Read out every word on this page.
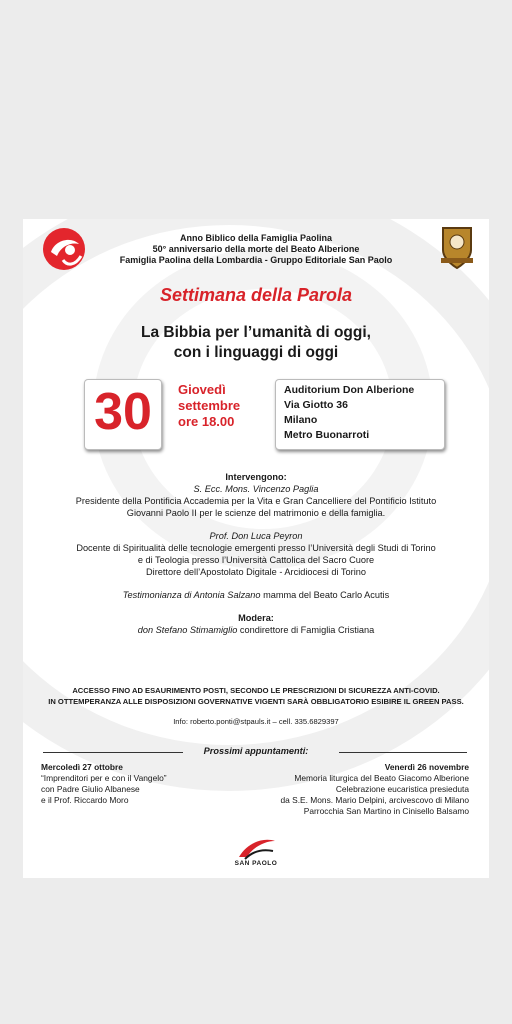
Anno Biblico della Famiglia Paolina
50° anniversario della morte del Beato Alberione
Famiglia Paolina della Lombardia - Gruppo Editoriale San Paolo
Settimana della Parola
La Bibbia per l’umanità di oggi,
con i linguaggi di oggi
30	Giovedì
settembre
ore 18.00
Auditorium Don Alberione
Via Giotto 36
Milano
Metro Buonarroti
Intervengono:
S. Ecc. Mons. Vincenzo Paglia
Presidente della Pontificia Accademia per la Vita e Gran Cancelliere del Pontificio Istituto
Giovanni Paolo II per le scienze del matrimonio e della famiglia.
Prof. Don Luca Peyron
Docente di Spiritualità delle tecnologie emergenti presso l’Università degli Studi di Torino
e di Teologia presso l’Università Cattolica del Sacro Cuore
Direttore dell’Apostolato Digitale - Arcidiocesi di Torino
Testimonianza di Antonia Salzano mamma del Beato Carlo Acutis
Modera:
don Stefano Stimamiglio condirettore di Famiglia Cristiana
ACCESSO FINO AD ESAURIMENTO POSTI, SECONDO LE PRESCRIZIONI DI SICUREZZA ANTI-COVID.
IN OTTEMPERANZA ALLE DISPOSIZIONI GOVERNATIVE VIGENTI SARÀ OBBLIGATORIO ESIBIRE IL GREEN PASS.
Info: roberto.ponti@stpauls.it – cell. 335.6829397
Prossimi appuntamenti:
Mercoledì 27 ottobre
“Imprenditori per e con il Vangelo”
con Padre Giulio Albanese
e il Prof. Riccardo Moro
Venerdì 26 novembre
Memoria liturgica del Beato Giacomo Alberione
Celebrazione eucaristica presieduta
da S.E. Mons. Mario Delpini, arcivescovo di Milano
Parrocchia San Martino in Cinisello Balsamo
SAN PAOLO
